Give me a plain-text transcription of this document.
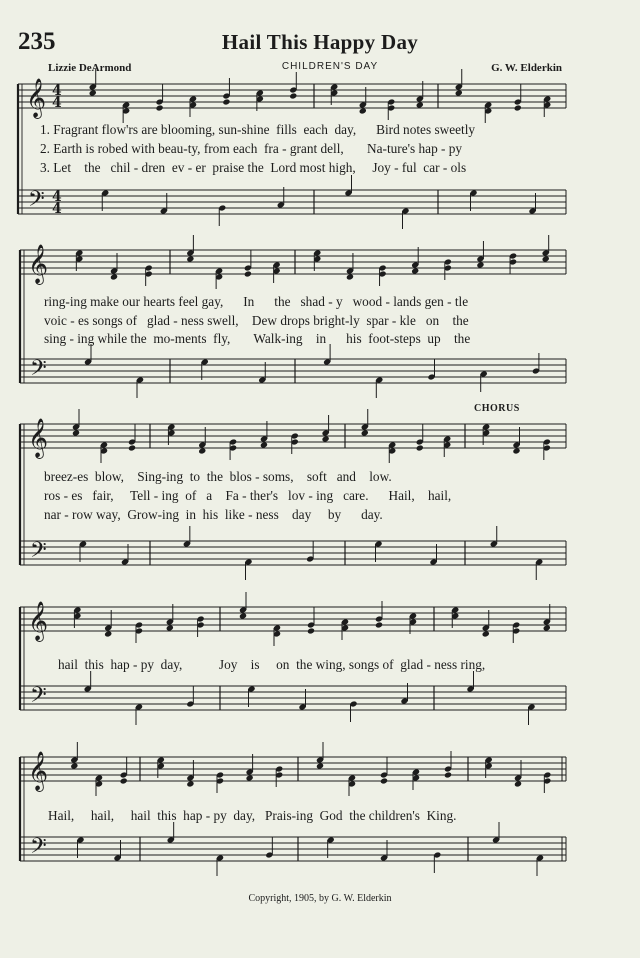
235	Hail This Happy Day
Lizzie DeArmond	CHILDREN'S DAY	G. W. Elderkin
𝄞
𝄢
4
4
4
4
𝄞
𝄢
𝄞
𝄢
𝄞
𝄢
𝄞
𝄢
CHORUS
1. Fragrant flow'rs are blooming, sun-shine  fills  each  day,      Bird notes sweetly
2. Earth is robed with beau-ty, from each  fra - grant dell,       Na-ture's hap - py
3. Let    the   chil - dren  ev - er  praise the  Lord most high,     Joy - ful  car - ols
ring-ing make our hearts feel gay,      In      the   shad - y   wood - lands gen - tle
voic - es songs of   glad - ness swell,    Dew drops bright-ly  spar - kle   on    the
sing - ing while the  mo-ments  fly,       Walk-ing    in      his  foot-steps  up    the
breez-es  blow,    Sing-ing  to  the  blos - soms,    soft   and    low.
ros - es   fair,     Tell - ing  of   a    Fa - ther's   lov - ing   care.      Hail,    hail,
nar - row way,  Grow-ing  in  his  like - ness    day     by      day.
hail  this  hap - py  day,           Joy    is     on  the wing, songs of  glad - ness ring,
Hail,     hail,     hail  this  hap - py  day,   Prais-ing  God  the children's  King.
Copyright, 1905, by G. W. Elderkin
